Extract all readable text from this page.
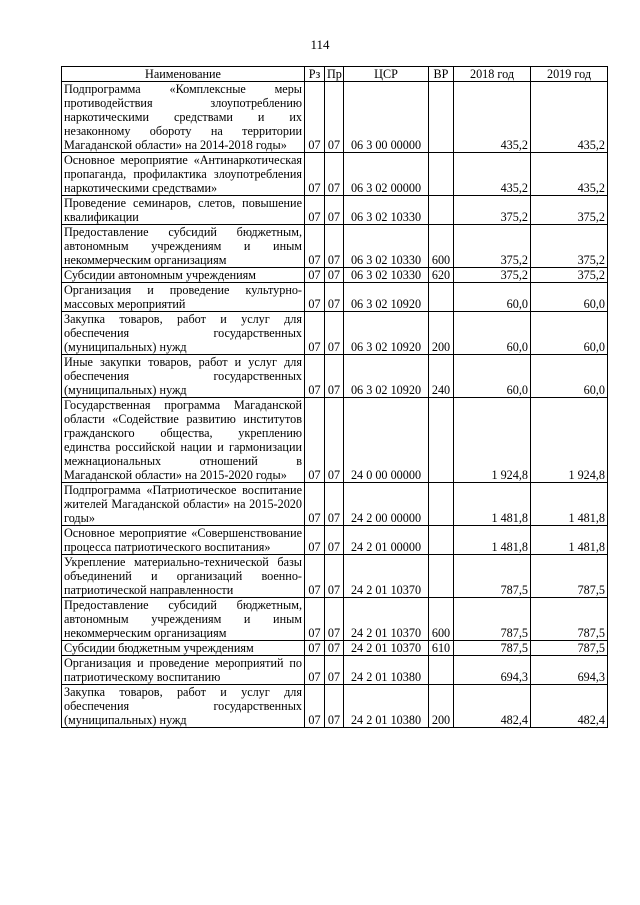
114
Наименование	Рз	Пр	ЦСР	ВР	2018 год	2019 год
Подпрограмма «Комплексные меры противодействия злоупотреблению наркотическими средствами и их незаконному обороту на территории Магаданской области» на 2014-2018 годы»	07	07	06 3 00 00000		435,2	435,2
Основное мероприятие «Антинаркотическая пропаганда, профилактика злоупотребления наркотическими средствами»	07	07	06 3 02 00000		435,2	435,2
Проведение семинаров, слетов, повышение квалификации	07	07	06 3 02 10330		375,2	375,2
Предоставление субсидий бюджетным, автономным учреждениям и иным некоммерческим организациям	07	07	06 3 02 10330	600	375,2	375,2
Субсидии автономным учреждениям	07	07	06 3 02 10330	620	375,2	375,2
Организация и проведение культурно-массовых мероприятий	07	07	06 3 02 10920		60,0	60,0
Закупка товаров, работ и услуг для обеспечения государственных (муниципальных) нужд	07	07	06 3 02 10920	200	60,0	60,0
Иные закупки товаров, работ и услуг для обеспечения государственных (муниципальных) нужд	07	07	06 3 02 10920	240	60,0	60,0
Государственная программа Магаданской области «Содействие развитию институтов гражданского общества, укреплению единства российской нации и гармонизации межнациональных отношений в Магаданской области» на 2015-2020 годы»	07	07	24 0 00 00000		1 924,8	1 924,8
Подпрограмма «Патриотическое воспитание жителей Магаданской области» на 2015-2020 годы»	07	07	24 2 00 00000		1 481,8	1 481,8
Основное мероприятие «Совершенствование процесса патриотического воспитания»	07	07	24 2 01 00000		1 481,8	1 481,8
Укрепление материально-технической базы объединений и организаций военно-патриотической направленности	07	07	24 2 01 10370		787,5	787,5
Предоставление субсидий бюджетным, автономным учреждениям и иным некоммерческим организациям	07	07	24 2 01 10370	600	787,5	787,5
Субсидии бюджетным учреждениям	07	07	24 2 01 10370	610	787,5	787,5
Организация и проведение мероприятий по патриотическому воспитанию	07	07	24 2 01 10380		694,3	694,3
Закупка товаров, работ и услуг для обеспечения государственных (муниципальных) нужд	07	07	24 2 01 10380	200	482,4	482,4
